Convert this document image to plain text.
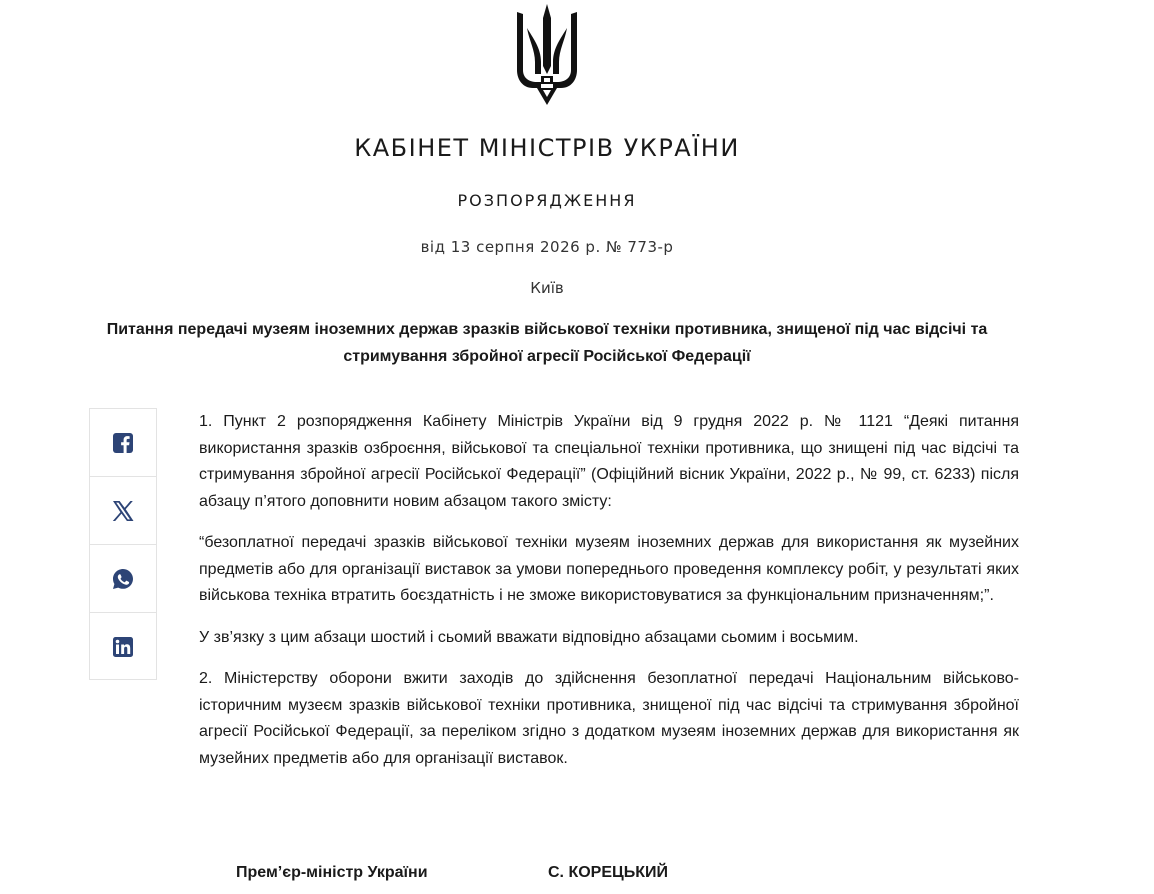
КАБІНЕТ МІНІСТРІВ УКРАЇНИ
РОЗПОРЯДЖЕННЯ
від 13 серпня 2026 р. № 773-р
Київ
Питання передачі музеям іноземних держав зразків військової техніки противника, знищеної під час відсічі та стримування збройної агресії Російської Федерації

1. Пункт 2 розпорядження Кабінету Міністрів України від 9 грудня 2022 р. № 1121 “Деякі питання використання зразків озброєння, військової та спеціальної техніки противника, що знищені під час відсічі та стримування збройної агресії Російської Федерації” (Офіційний вісник України, 2022 р., № 99, ст. 6233) після абзацу п’ятого доповнити новим абзацом такого змісту:

“безоплатної передачі зразків військової техніки музеям іноземних держав для використання як музейних предметів або для організації виставок за умови попереднього проведення комплексу робіт, у результаті яких військова техніка втратить боєздатність і не зможе використовуватися за функціональним призначенням;”.

У зв’язку з цим абзаци шостий і сьомий вважати відповідно абзацами сьомим і восьмим.

2. Міністерству оборони вжити заходів до здійснення безоплатної передачі Національним військово-історичним музеєм зразків військової техніки противника, знищеної під час відсічі та стримування збройної агресії Російської Федерації, за переліком згідно з додатком музеям іноземних держав для використання як музейних предметів або для організації виставок.

Прем’єр-міністр України	С. КОРЕЦЬКИЙ
